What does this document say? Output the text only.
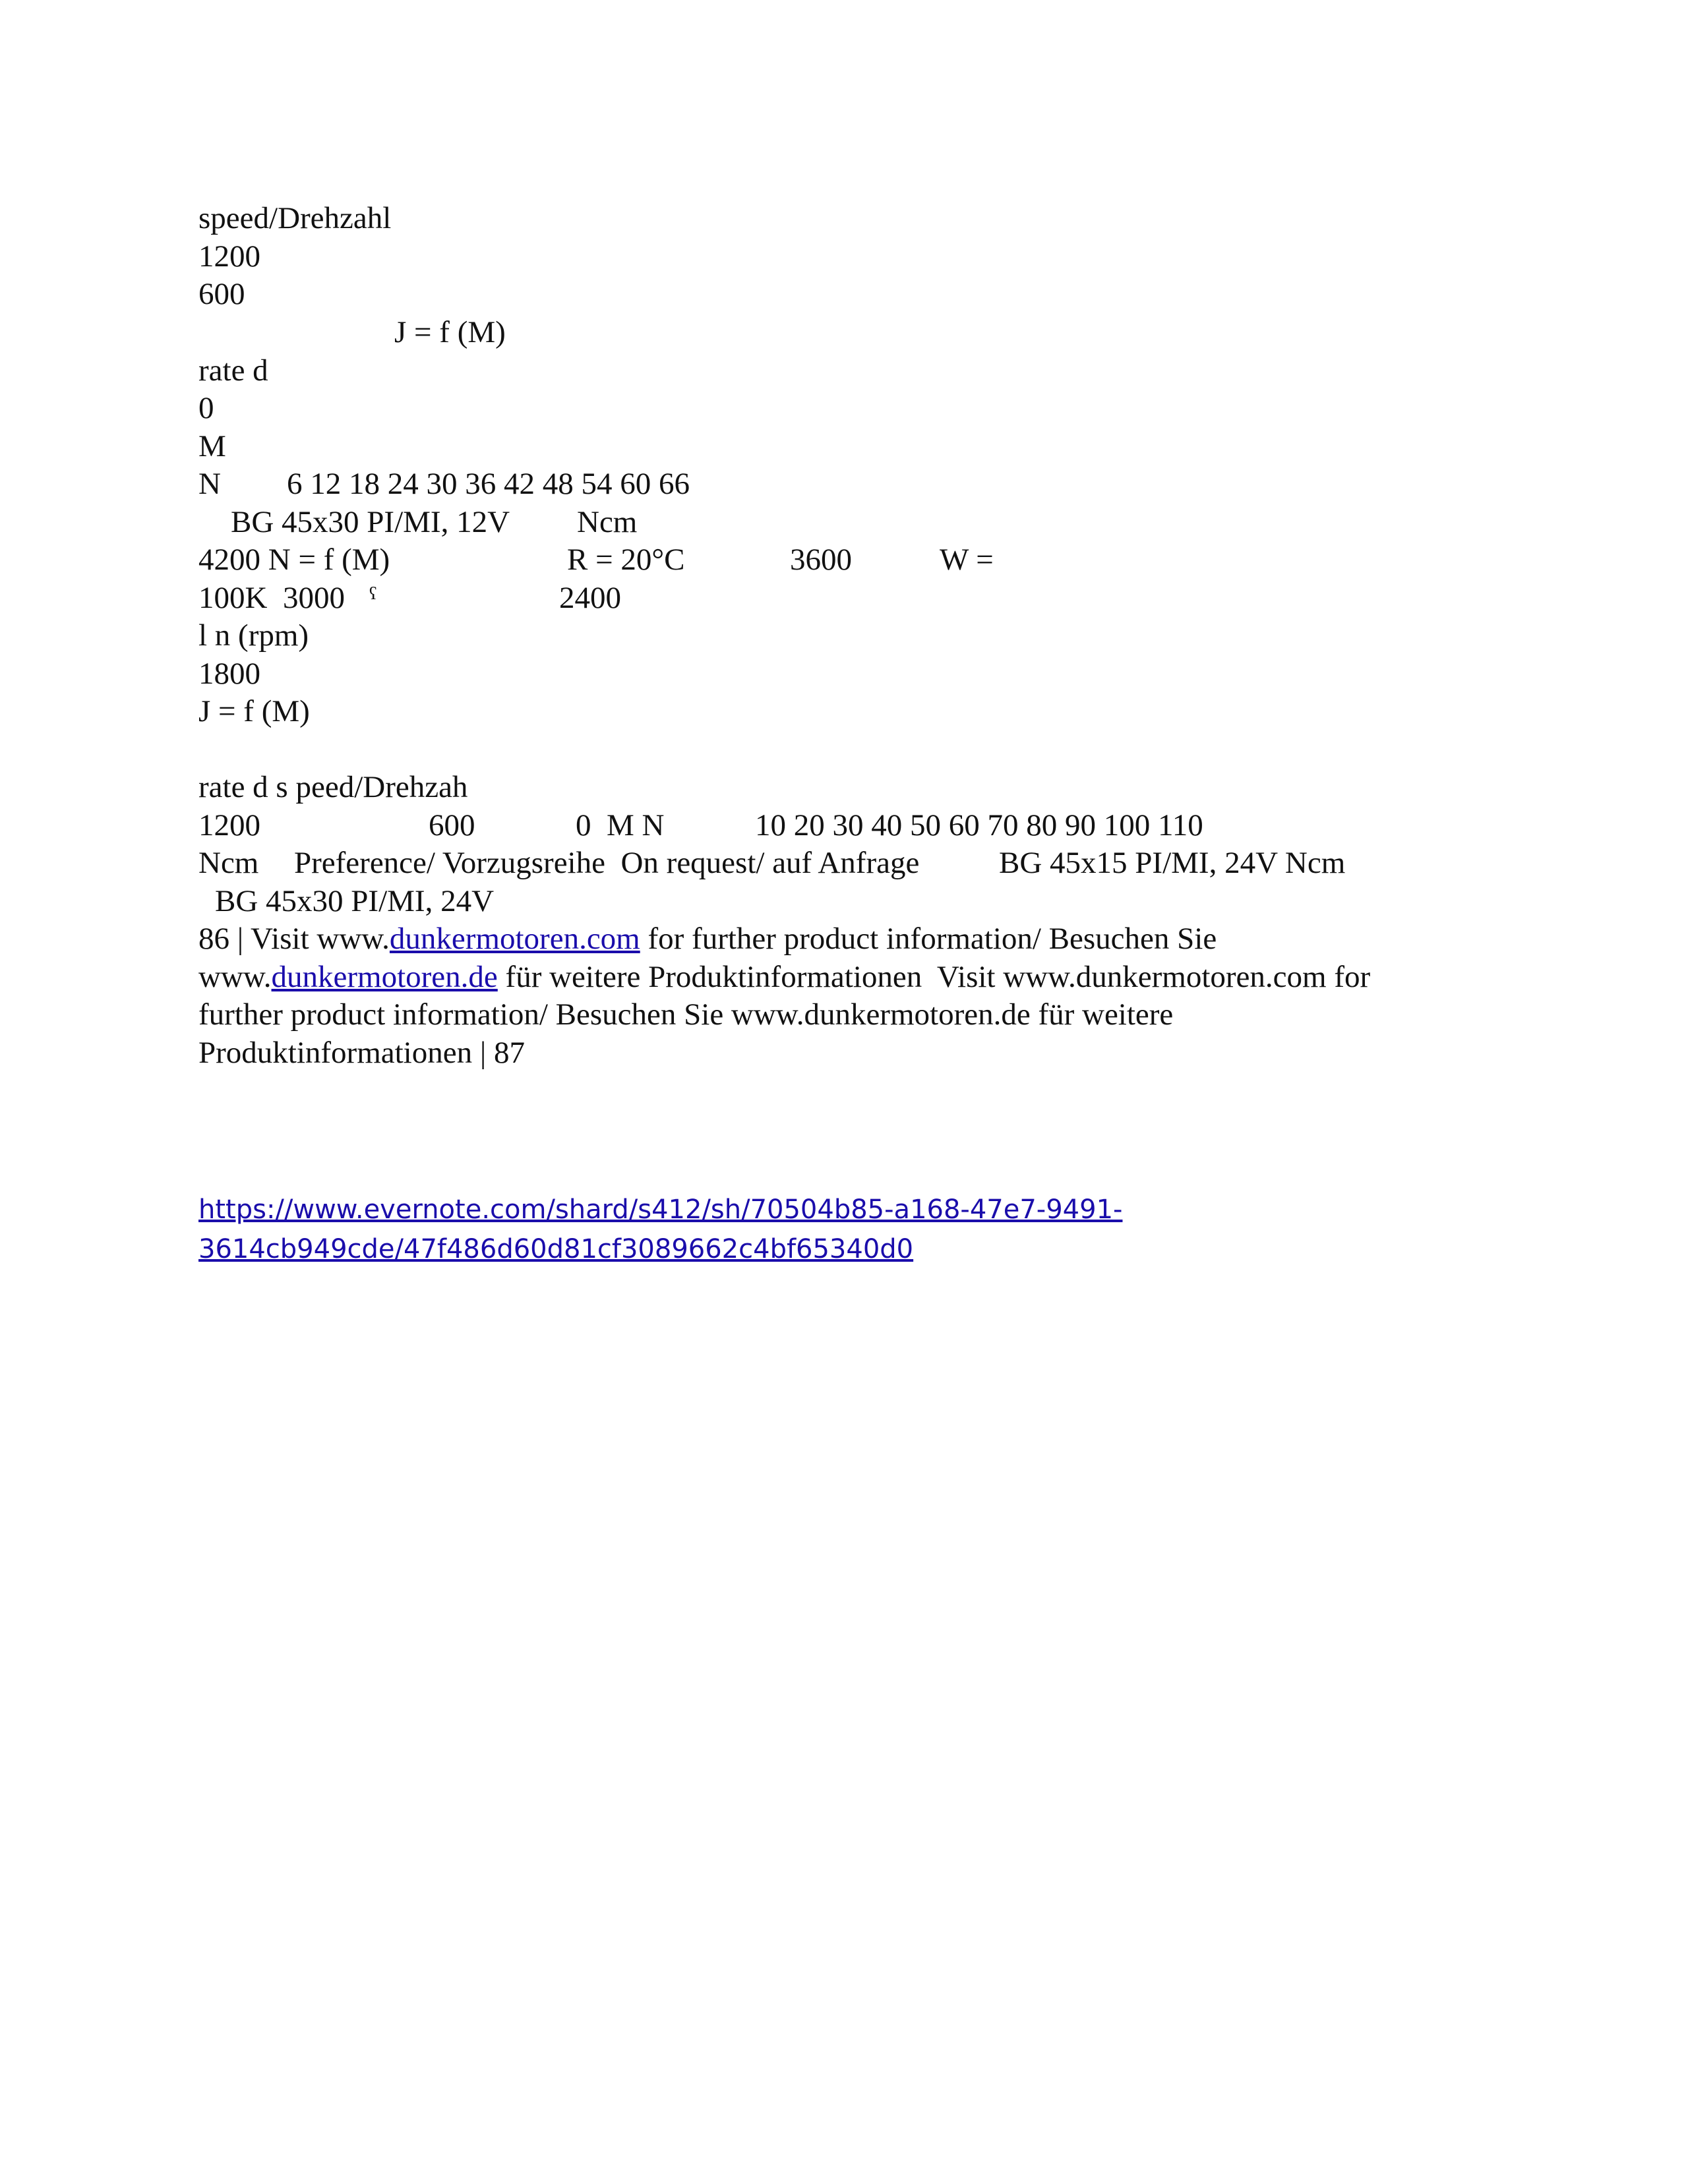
speed/Drehzahl
1200
600
J = f (M)
rate d
0
M
N 6 12 18 24 30 36 42 48 54 60 66
BG 45x30 PI/MI, 12V Ncm
4200 N = f (M)	R = 20°C	3600	W =
100K  3000 ʕ	2400
l n (rpm)
1800
J = f (M)
rate d s peed/Drehzah
1200	600	0  M N	10 20 30 40 50 60 70 80 90 100 110
Ncm Preference/ Vorzugsreihe  On request/ auf Anfrage	BG 45x15 PI/MI, 24V Ncm
BG 45x30 PI/MI, 24V
86 | Visit www.dunkermotoren.com for further product information/ Besuchen Sie
www.dunkermotoren.de für weitere Produktinformationen  Visit www.dunkermotoren.com for
further product information/ Besuchen Sie www.dunkermotoren.de für weitere
Produktinformationen | 87
https://www.evernote.com/shard/s412/sh/70504b85-a168-47e7-9491-
3614cb949cde/47f486d60d81cf3089662c4bf65340d0
